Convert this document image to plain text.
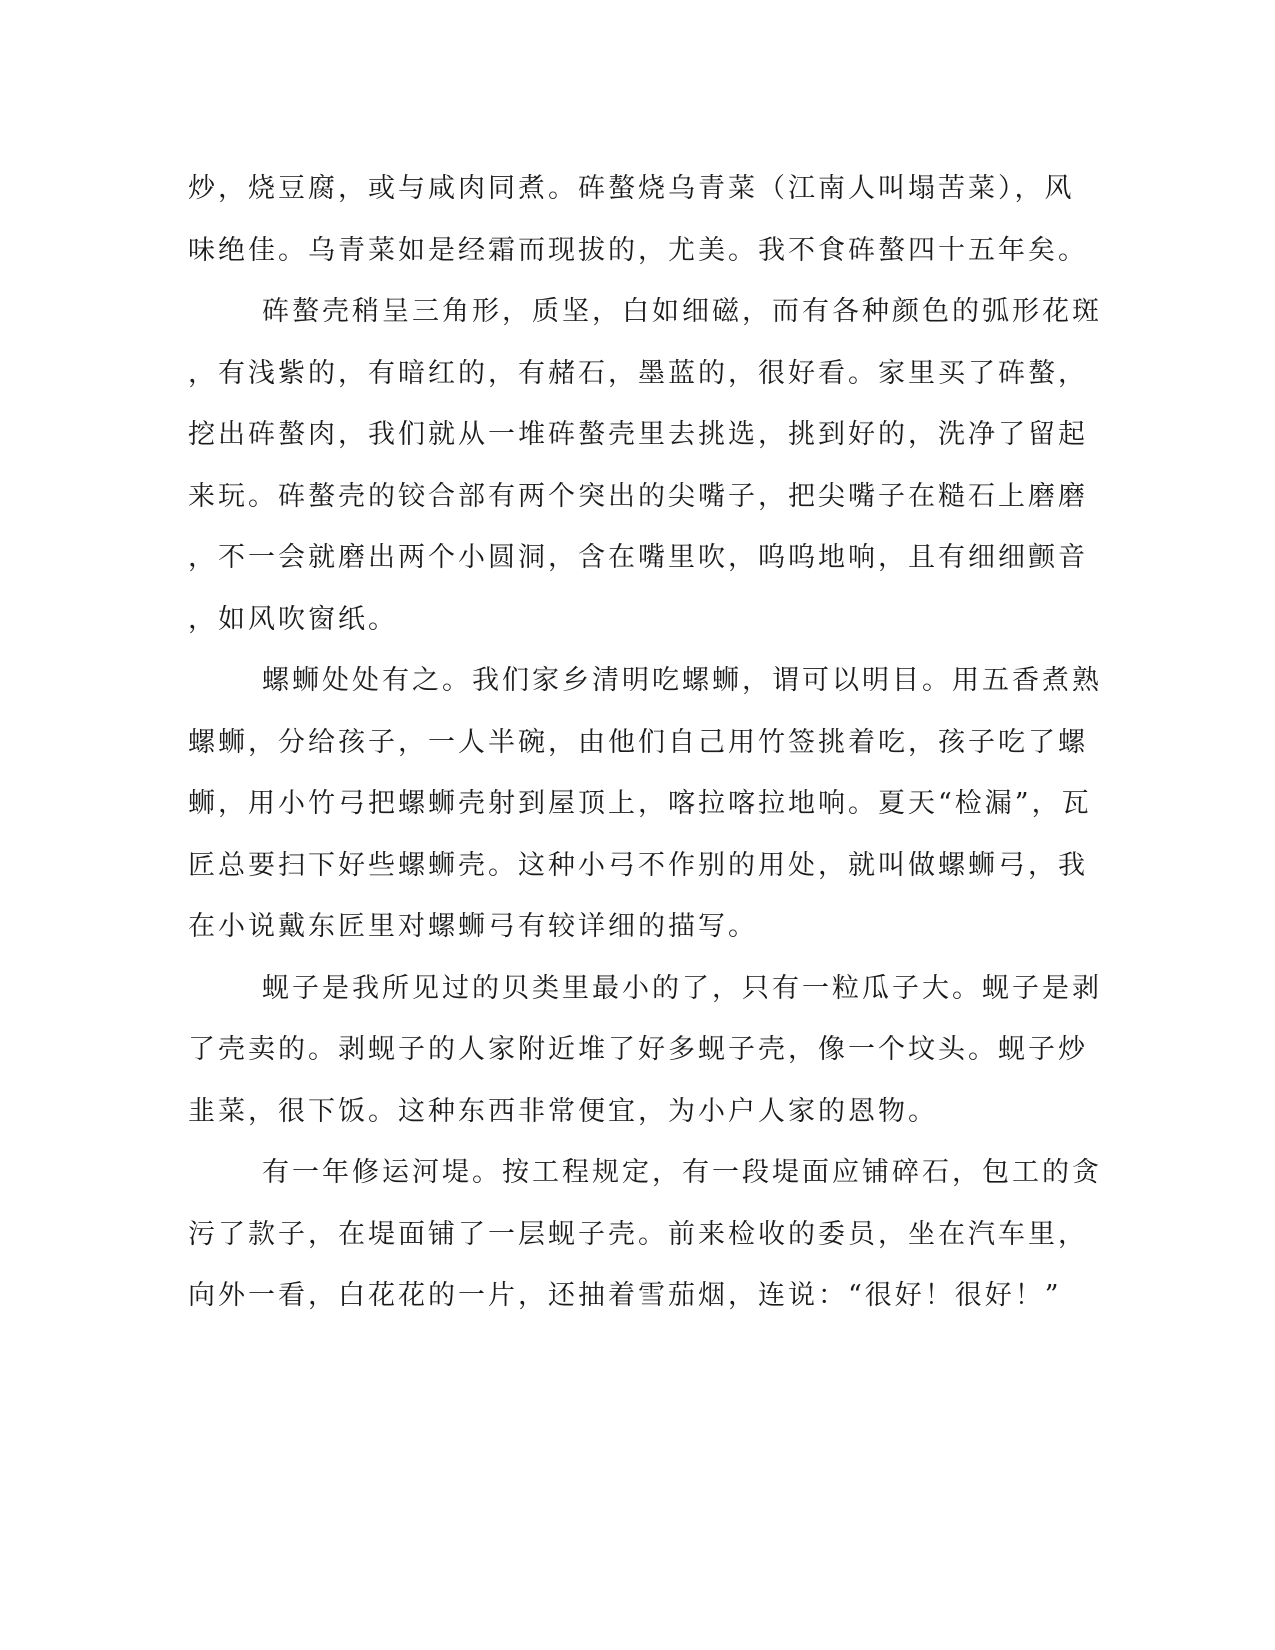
炒，烧豆腐，或与咸肉同煮。砗螯烧乌青菜（江南人叫塌苦菜），风
味绝佳。乌青菜如是经霜而现拔的，尤美。我不食砗螯四十五年矣。
砗螯壳稍呈三角形，质坚，白如细磁，而有各种颜色的弧形花斑
，有浅紫的，有暗红的，有赭石，墨蓝的，很好看。家里买了砗螯，
挖出砗螯肉，我们就从一堆砗螯壳里去挑选，挑到好的，洗净了留起
来玩。砗螯壳的铰合部有两个突出的尖嘴子，把尖嘴子在糙石上磨磨
，不一会就磨出两个小圆洞，含在嘴里吹，呜呜地响，且有细细颤音
，如风吹窗纸。
螺蛳处处有之。我们家乡清明吃螺蛳，谓可以明目。用五香煮熟
螺蛳，分给孩子，一人半碗，由他们自己用竹签挑着吃，孩子吃了螺
蛳，用小竹弓把螺蛳壳射到屋顶上，喀拉喀拉地响。夏天“检漏”，瓦
匠总要扫下好些螺蛳壳。这种小弓不作别的用处，就叫做螺蛳弓，我
在小说戴东匠里对螺蛳弓有较详细的描写。
蚬子是我所见过的贝类里最小的了，只有一粒瓜子大。蚬子是剥
了壳卖的。剥蚬子的人家附近堆了好多蚬子壳，像一个坟头。蚬子炒
韭菜，很下饭。这种东西非常便宜，为小户人家的恩物。
有一年修运河堤。按工程规定，有一段堤面应铺碎石，包工的贪
污了款子，在堤面铺了一层蚬子壳。前来检收的委员，坐在汽车里，
向外一看，白花花的一片，还抽着雪茄烟，连说：“很好！很好！”
